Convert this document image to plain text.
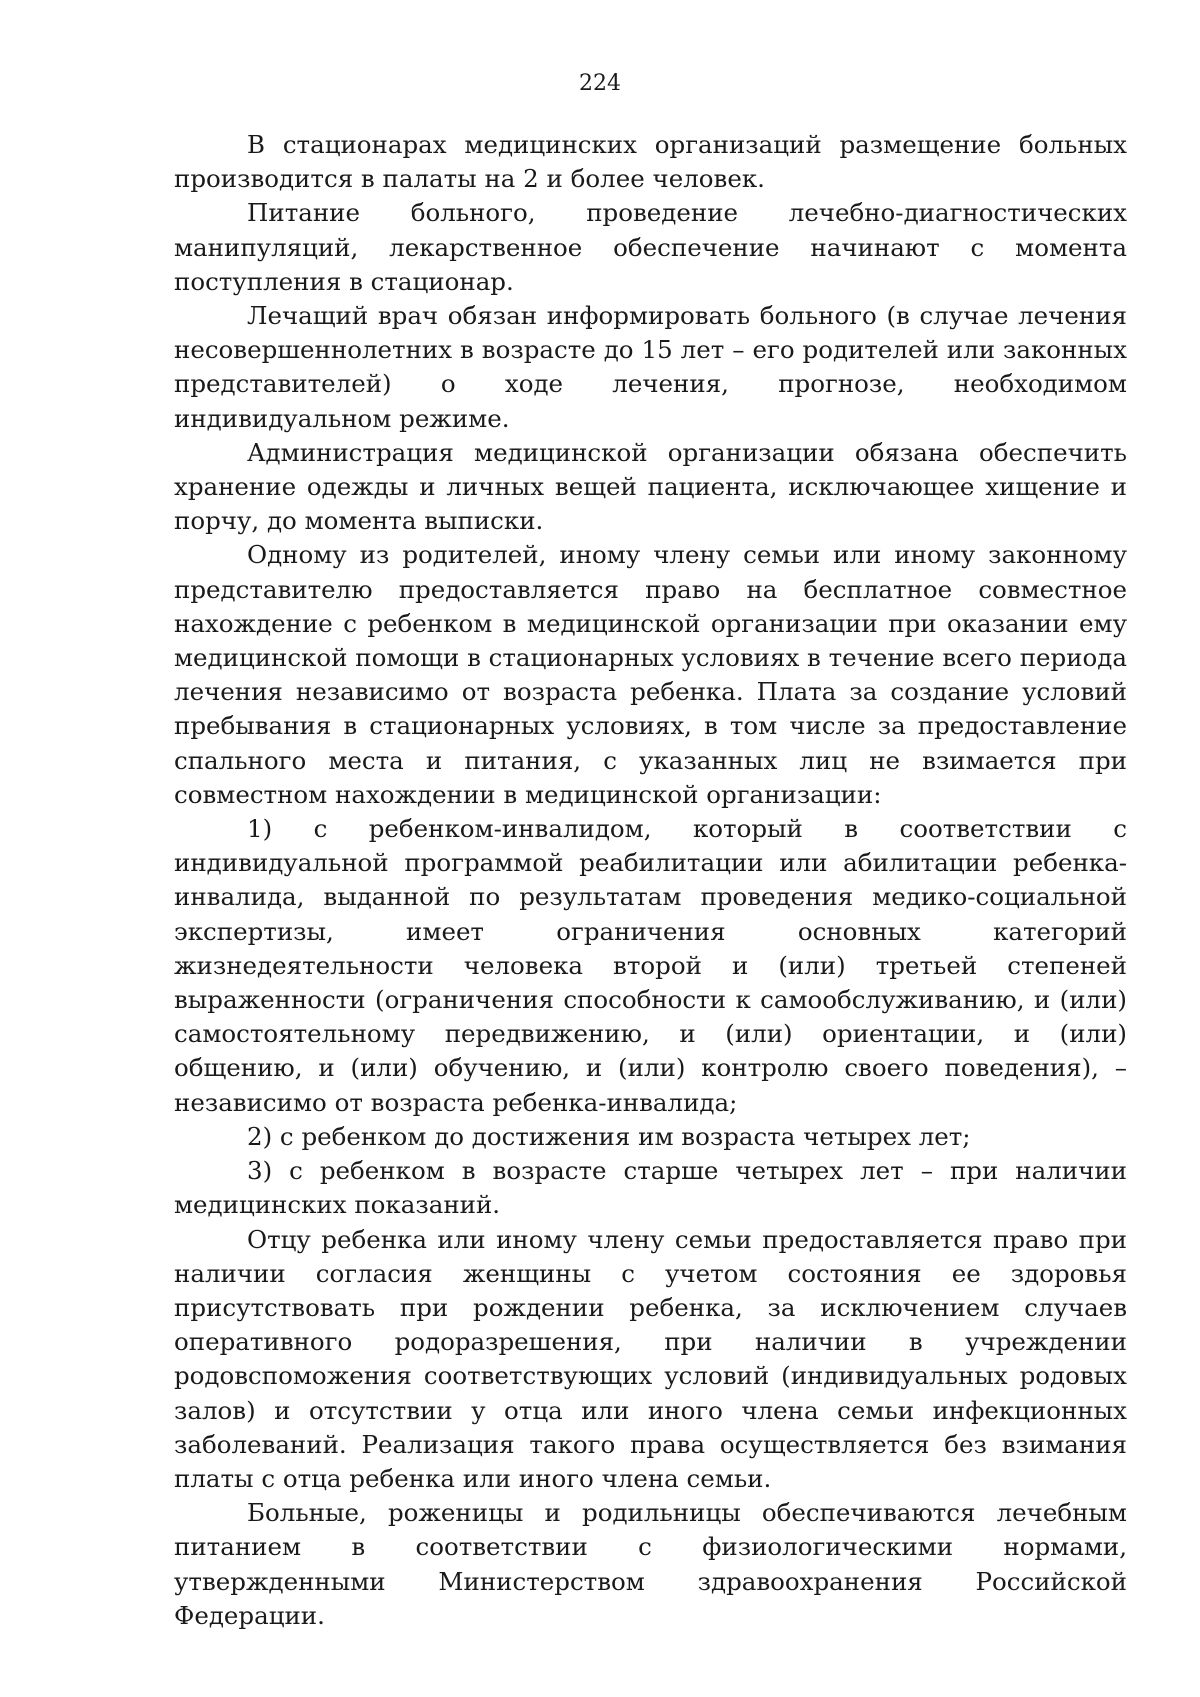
224

В стационарах медицинских организаций размещение больных производится в палаты на 2 и более человек.

Питание больного, проведение лечебно-диагностических манипуляций, лекарственное обеспечение начинают с момента поступления в стационар.

Лечащий врач обязан информировать больного (в случае лечения несовершеннолетних в возрасте до 15 лет – его родителей или законных представителей) о ходе лечения, прогнозе, необходимом индивидуальном режиме.

Администрация медицинской организации обязана обеспечить хранение одежды и личных вещей пациента, исключающее хищение и порчу, до момента выписки.

Одному из родителей, иному члену семьи или иному законному представителю предоставляется право на бесплатное совместное нахождение с ребенком в медицинской организации при оказании ему медицинской помощи в стационарных условиях в течение всего периода лечения независимо от возраста ребенка. Плата за создание условий пребывания в стационарных условиях, в том числе за предоставление спального места и питания, с указанных лиц не взимается при совместном нахождении в медицинской организации:

1) с ребенком-инвалидом, который в соответствии с индивидуальной программой реабилитации или абилитации ребенка-инвалида, выданной по результатам проведения медико-социальной экспертизы, имеет ограничения основных категорий жизнедеятельности человека второй и (или) третьей степеней выраженности (ограничения способности к самообслуживанию, и (или) самостоятельному передвижению, и (или) ориентации, и (или) общению, и (или) обучению, и (или) контролю своего поведения), – независимо от возраста ребенка-инвалида;

2) с ребенком до достижения им возраста четырех лет;

3) с ребенком в возрасте старше четырех лет – при наличии медицинских показаний.

Отцу ребенка или иному члену семьи предоставляется право при наличии согласия женщины с учетом состояния ее здоровья присутствовать при рождении ребенка, за исключением случаев оперативного родоразрешения, при наличии в учреждении родовспоможения соответствующих условий (индивидуальных родовых залов) и отсутствии у отца или иного члена семьи инфекционных заболеваний. Реализация такого права осуществляется без взимания платы с отца ребенка или иного члена семьи.

Больные, роженицы и родильницы обеспечиваются лечебным питанием в соответствии с физиологическими нормами, утвержденными Министерством здравоохранения Российской Федерации.
